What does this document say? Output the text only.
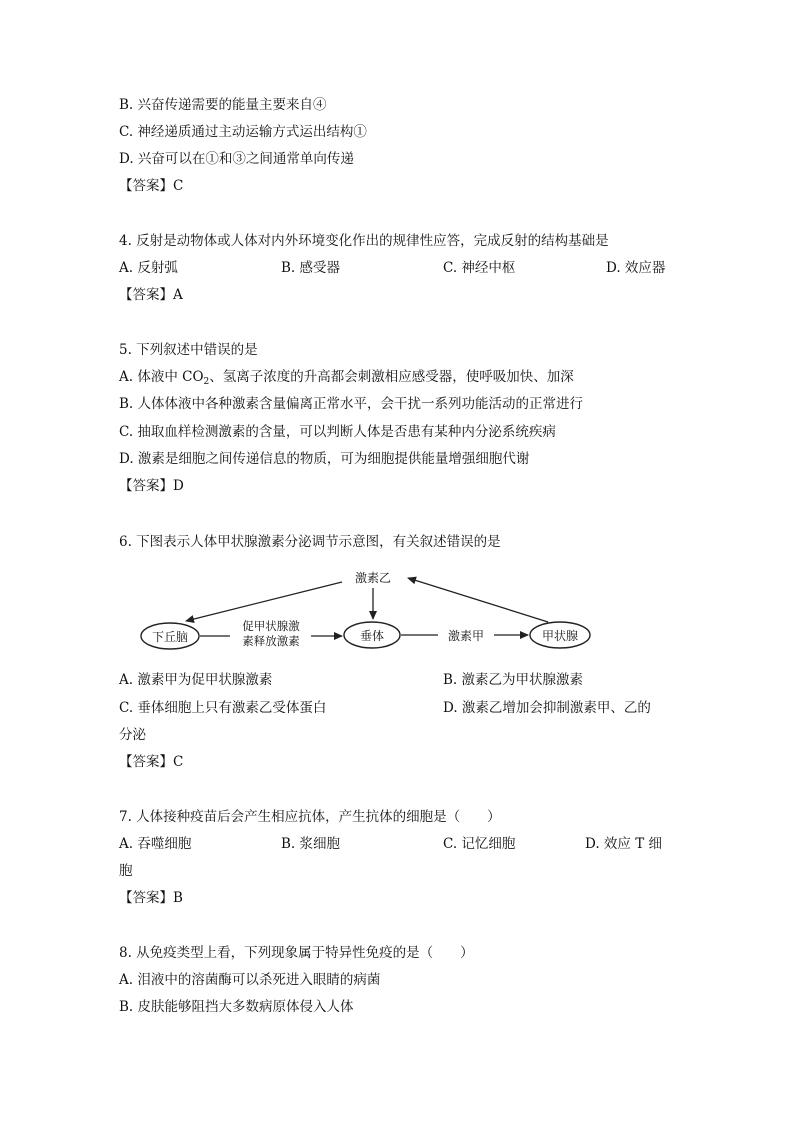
B. 兴奋传递需要的能量主要来自④
C. 神经递质通过主动运输方式运出结构①
D. 兴奋可以在①和③之间通常单向传递
【答案】C
4. 反射是动物体或人体对内外环境变化作出的规律性应答，完成反射的结构基础是
A. 反射弧	B. 感受器	C. 神经中枢	D. 效应器
【答案】A
5. 下列叙述中错误的是
A. 体液中 $CO_2$、氢离子浓度的升高都会刺激相应感受器，使呼吸加快、加深
B. 人体体液中各种激素含量偏离正常水平，会干扰一系列功能活动的正常进行
C. 抽取血样检测激素的含量，可以判断人体是否患有某种内分泌系统疾病
D. 激素是细胞之间传递信息的物质，可为细胞提供能量增强细胞代谢
【答案】D
6. 下图表示人体甲状腺激素分泌调节示意图，有关叙述错误的是
下丘脑	垂体	甲状腺
激素乙
促甲状腺激
素释放激素	激素甲
A. 激素甲为促甲状腺激素	B. 激素乙为甲状腺激素
C. 垂体细胞上只有激素乙受体蛋白	D. 激素乙增加会抑制激素甲、乙的
分泌
【答案】C
7. 人体接种疫苗后会产生相应抗体，产生抗体的细胞是（　　）
A. 吞噬细胞	B. 浆细胞	C. 记忆细胞	D. 效应 T 细
胞
【答案】B
8. 从免疫类型上看，下列现象属于特异性免疫的是（　　）
A. 泪液中的溶菌酶可以杀死进入眼睛的病菌
B. 皮肤能够阻挡大多数病原体侵入人体
